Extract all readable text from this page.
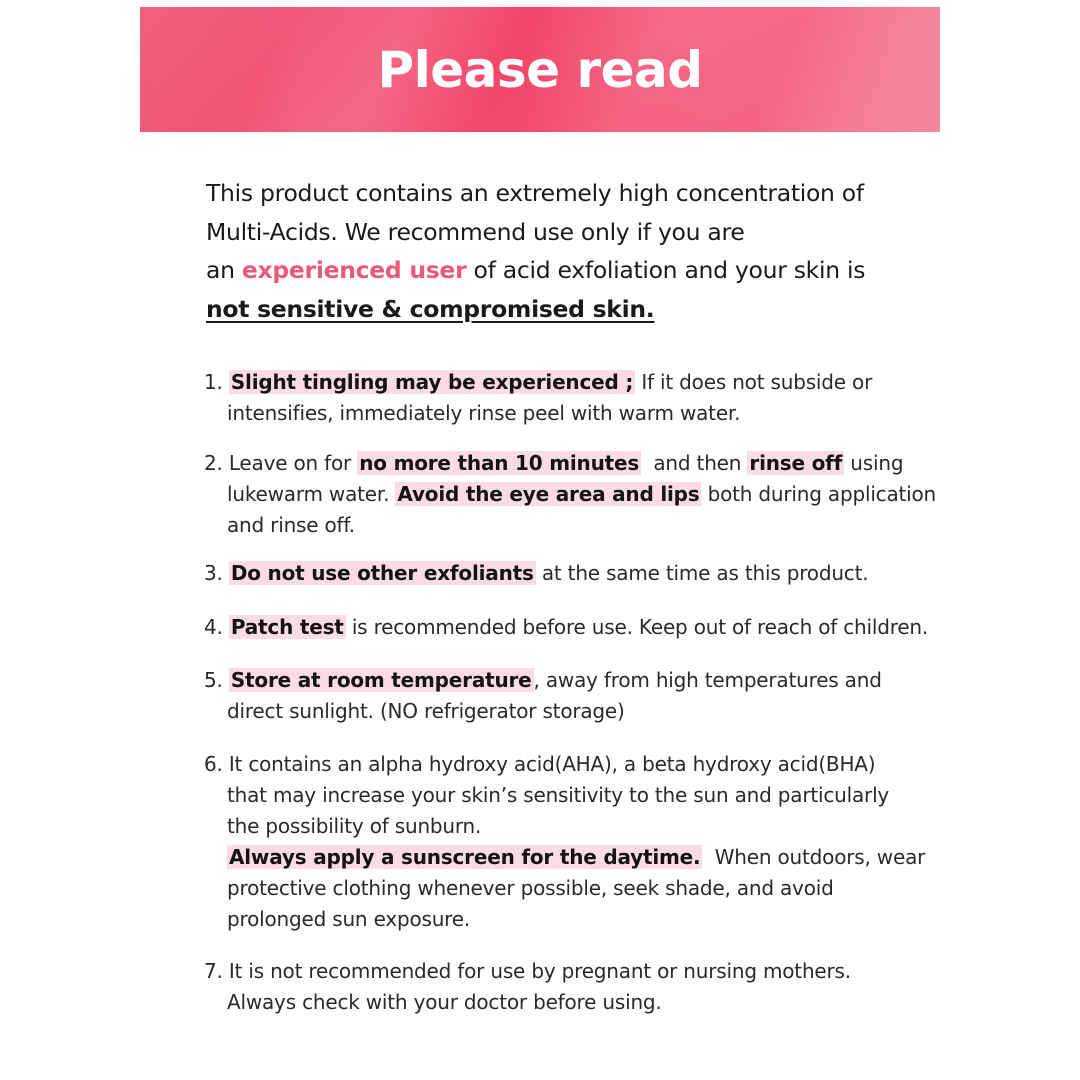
Please read
This product contains an extremely high concentration of
Multi-Acids. We recommend use only if you are
an experienced user of acid exfoliation and your skin is
not sensitive & compromised skin.
1. Slight tingling may be experienced ; If it does not subside or
intensifies, immediately rinse peel with warm water.
2. Leave on for no more than 10 minutes  and then rinse off using
lukewarm water. Avoid the eye area and lips both during application
and rinse off.
3. Do not use other exfoliants at the same time as this product.
4. Patch test is recommended before use. Keep out of reach of children.
5. Store at room temperature , away from high temperatures and
direct sunlight. (NO refrigerator storage)
6. It contains an alpha hydroxy acid(AHA), a beta hydroxy acid(BHA)
that may increase your skin’s sensitivity to the sun and particularly
the possibility of sunburn.
Always apply a sunscreen for the daytime.  When outdoors, wear
protective clothing whenever possible, seek shade, and avoid
prolonged sun exposure.
7. It is not recommended for use by pregnant or nursing mothers.
Always check with your doctor before using.
